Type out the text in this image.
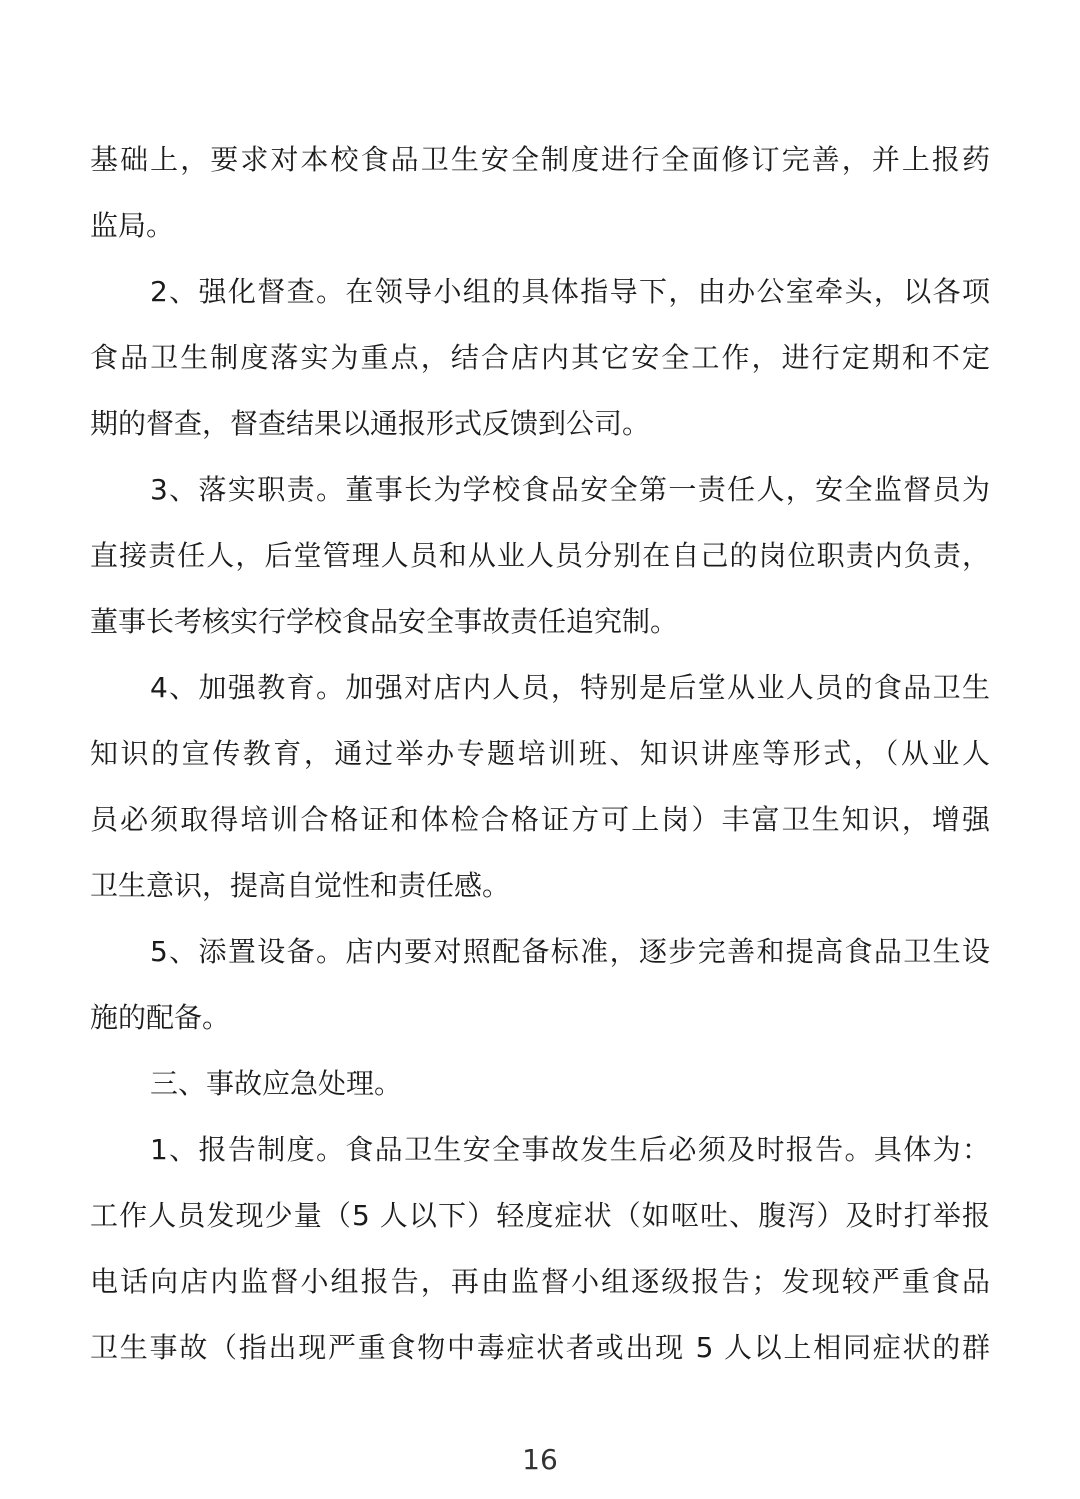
基础上，要求对本校食品卫生安全制度进行全面修订完善，并上报药
监局。
2、强化督查。在领导小组的具体指导下，由办公室牵头，以各项
食品卫生制度落实为重点，结合店内其它安全工作，进行定期和不定
期的督查，督查结果以通报形式反馈到公司。
3、落实职责。董事长为学校食品安全第一责任人，安全监督员为
直接责任人，后堂管理人员和从业人员分别在自己的岗位职责内负责，
董事长考核实行学校食品安全事故责任追究制。
4、加强教育。加强对店内人员，特别是后堂从业人员的食品卫生
知识的宣传教育，通过举办专题培训班、知识讲座等形式，（从业人
员必须取得培训合格证和体检合格证方可上岗）丰富卫生知识，增强
卫生意识，提高自觉性和责任感。
5、添置设备。店内要对照配备标准，逐步完善和提高食品卫生设
施的配备。
三、事故应急处理。
1、报告制度。食品卫生安全事故发生后必须及时报告。具体为：
工作人员发现少量（5 人以下）轻度症状（如呕吐、腹泻）及时打举报
电话向店内监督小组报告，再由监督小组逐级报告；发现较严重食品
卫生事故（指出现严重食物中毒症状者或出现 5 人以上相同症状的群
16
